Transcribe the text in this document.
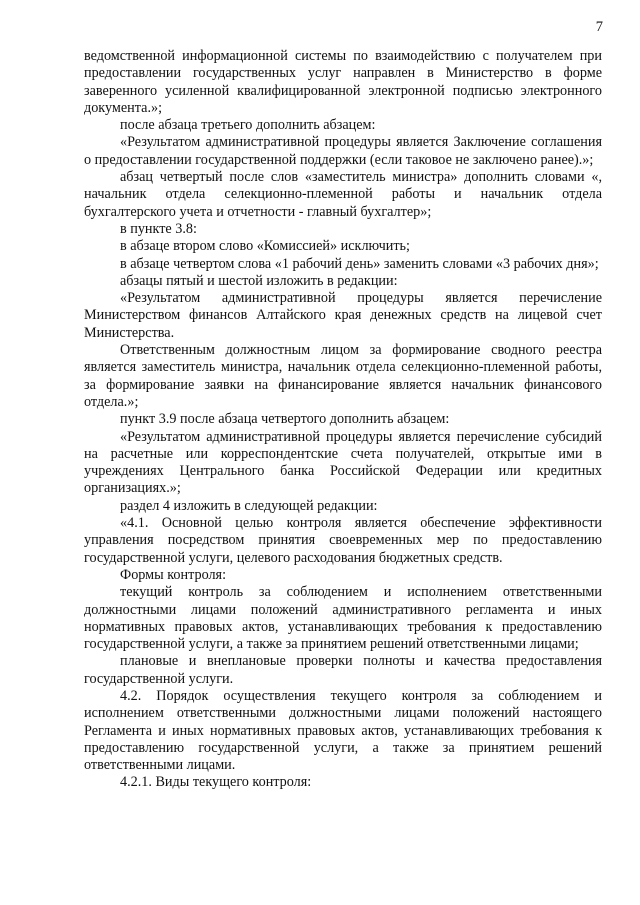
7

ведомственной информационной системы по взаимодействию с получателем при предоставлении государственных услуг направлен в Министерство в форме заверенного усиленной квалифицированной электронной подписью электронного документа.»;

после абзаца третьего дополнить абзацем:

«Результатом административной процедуры является Заключение соглашения о предоставлении государственной поддержки (если таковое не заключено ранее).»;

абзац четвертый после слов «заместитель министра» дополнить словами «, начальник отдела селекционно-племенной работы и начальник отдела бухгалтерского учета и отчетности - главный бухгалтер»;

в пункте 3.8:

в абзаце втором слово «Комиссией» исключить;

в абзаце четвертом слова «1 рабочий день» заменить словами «3 рабочих дня»;

абзацы пятый и шестой изложить в редакции:

«Результатом административной процедуры является перечисление Министерством финансов Алтайского края денежных средств на лицевой счет Министерства.

Ответственным должностным лицом за формирование сводного реестра является заместитель министра, начальник отдела селекционно-племенной работы, за формирование заявки на финансирование является начальник финансового отдела.»;

пункт 3.9 после абзаца четвертого дополнить абзацем:

«Результатом административной процедуры является перечисление субсидий на расчетные или корреспондентские счета получателей, открытые ими в учреждениях Центрального банка Российской Федерации или кредитных организациях.»;

раздел 4 изложить в следующей редакции:

«4.1. Основной целью контроля является обеспечение эффективности управления посредством принятия своевременных мер по предоставлению государственной услуги, целевого расходования бюджетных средств.

Формы контроля:

текущий контроль за соблюдением и исполнением ответственными должностными лицами положений административного регламента и иных нормативных правовых актов, устанавливающих требования к предоставлению государственной услуги, а также за принятием решений ответственными лицами;

плановые и внеплановые проверки полноты и качества предоставления государственной услуги.

4.2. Порядок осуществления текущего контроля за соблюдением и исполнением ответственными должностными лицами положений настоящего Регламента и иных нормативных правовых актов, устанавливающих требования к предоставлению государственной услуги, а также за принятием решений ответственными лицами.

4.2.1. Виды текущего контроля:
